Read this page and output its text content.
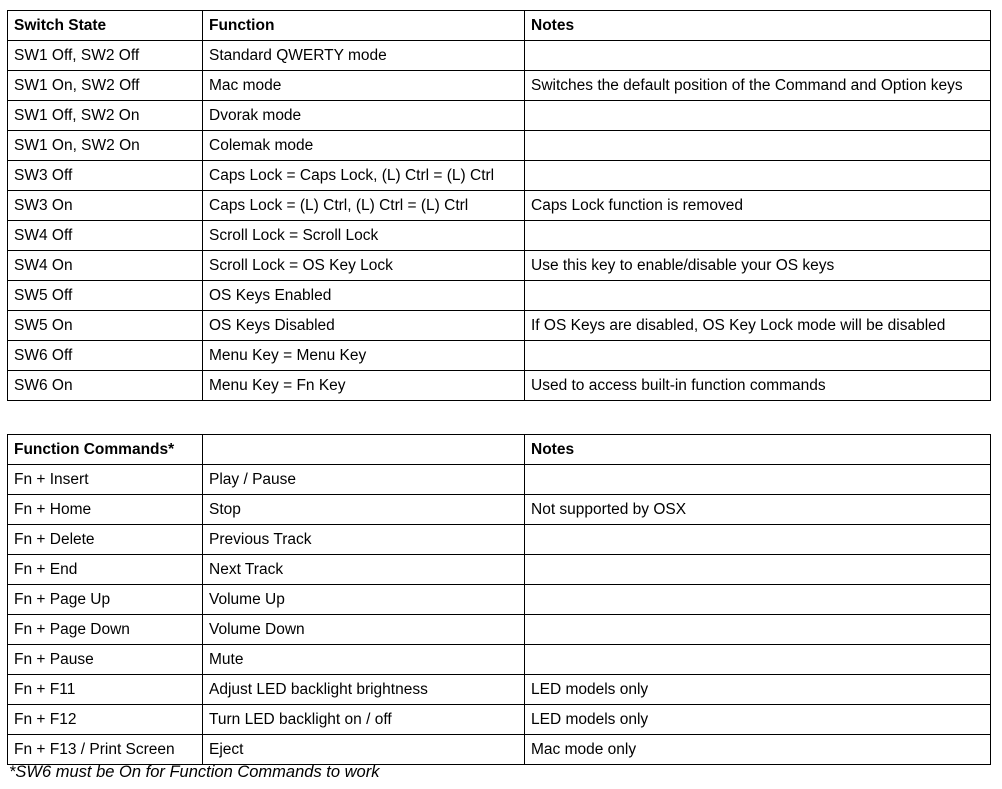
Switch State	Function	Notes
SW1 Off, SW2 Off	Standard QWERTY mode	
SW1 On, SW2 Off	Mac mode	Switches the default position of the Command and Option keys
SW1 Off, SW2 On	Dvorak mode	
SW1 On, SW2 On	Colemak mode	
SW3 Off	Caps Lock = Caps Lock, (L) Ctrl = (L) Ctrl	
SW3 On	Caps Lock = (L) Ctrl, (L) Ctrl = (L) Ctrl	Caps Lock function is removed
SW4 Off	Scroll Lock = Scroll Lock	
SW4 On	Scroll Lock = OS Key Lock	Use this key to enable/disable your OS keys
SW5 Off	OS Keys Enabled	
SW5 On	OS Keys Disabled	If OS Keys are disabled, OS Key Lock mode will be disabled
SW6 Off	Menu Key = Menu Key	
SW6 On	Menu Key = Fn Key	Used to access built-in function commands
Function Commands*		Notes
Fn + Insert	Play / Pause	
Fn + Home	Stop	Not supported by OSX
Fn + Delete	Previous Track	
Fn + End	Next Track	
Fn + Page Up	Volume Up	
Fn + Page Down	Volume Down	
Fn + Pause	Mute	
Fn + F11	Adjust LED backlight brightness	LED models only
Fn + F12	Turn LED backlight on / off	LED models only
Fn + F13 / Print Screen	Eject	Mac mode only
*SW6 must be On for Function Commands to work
